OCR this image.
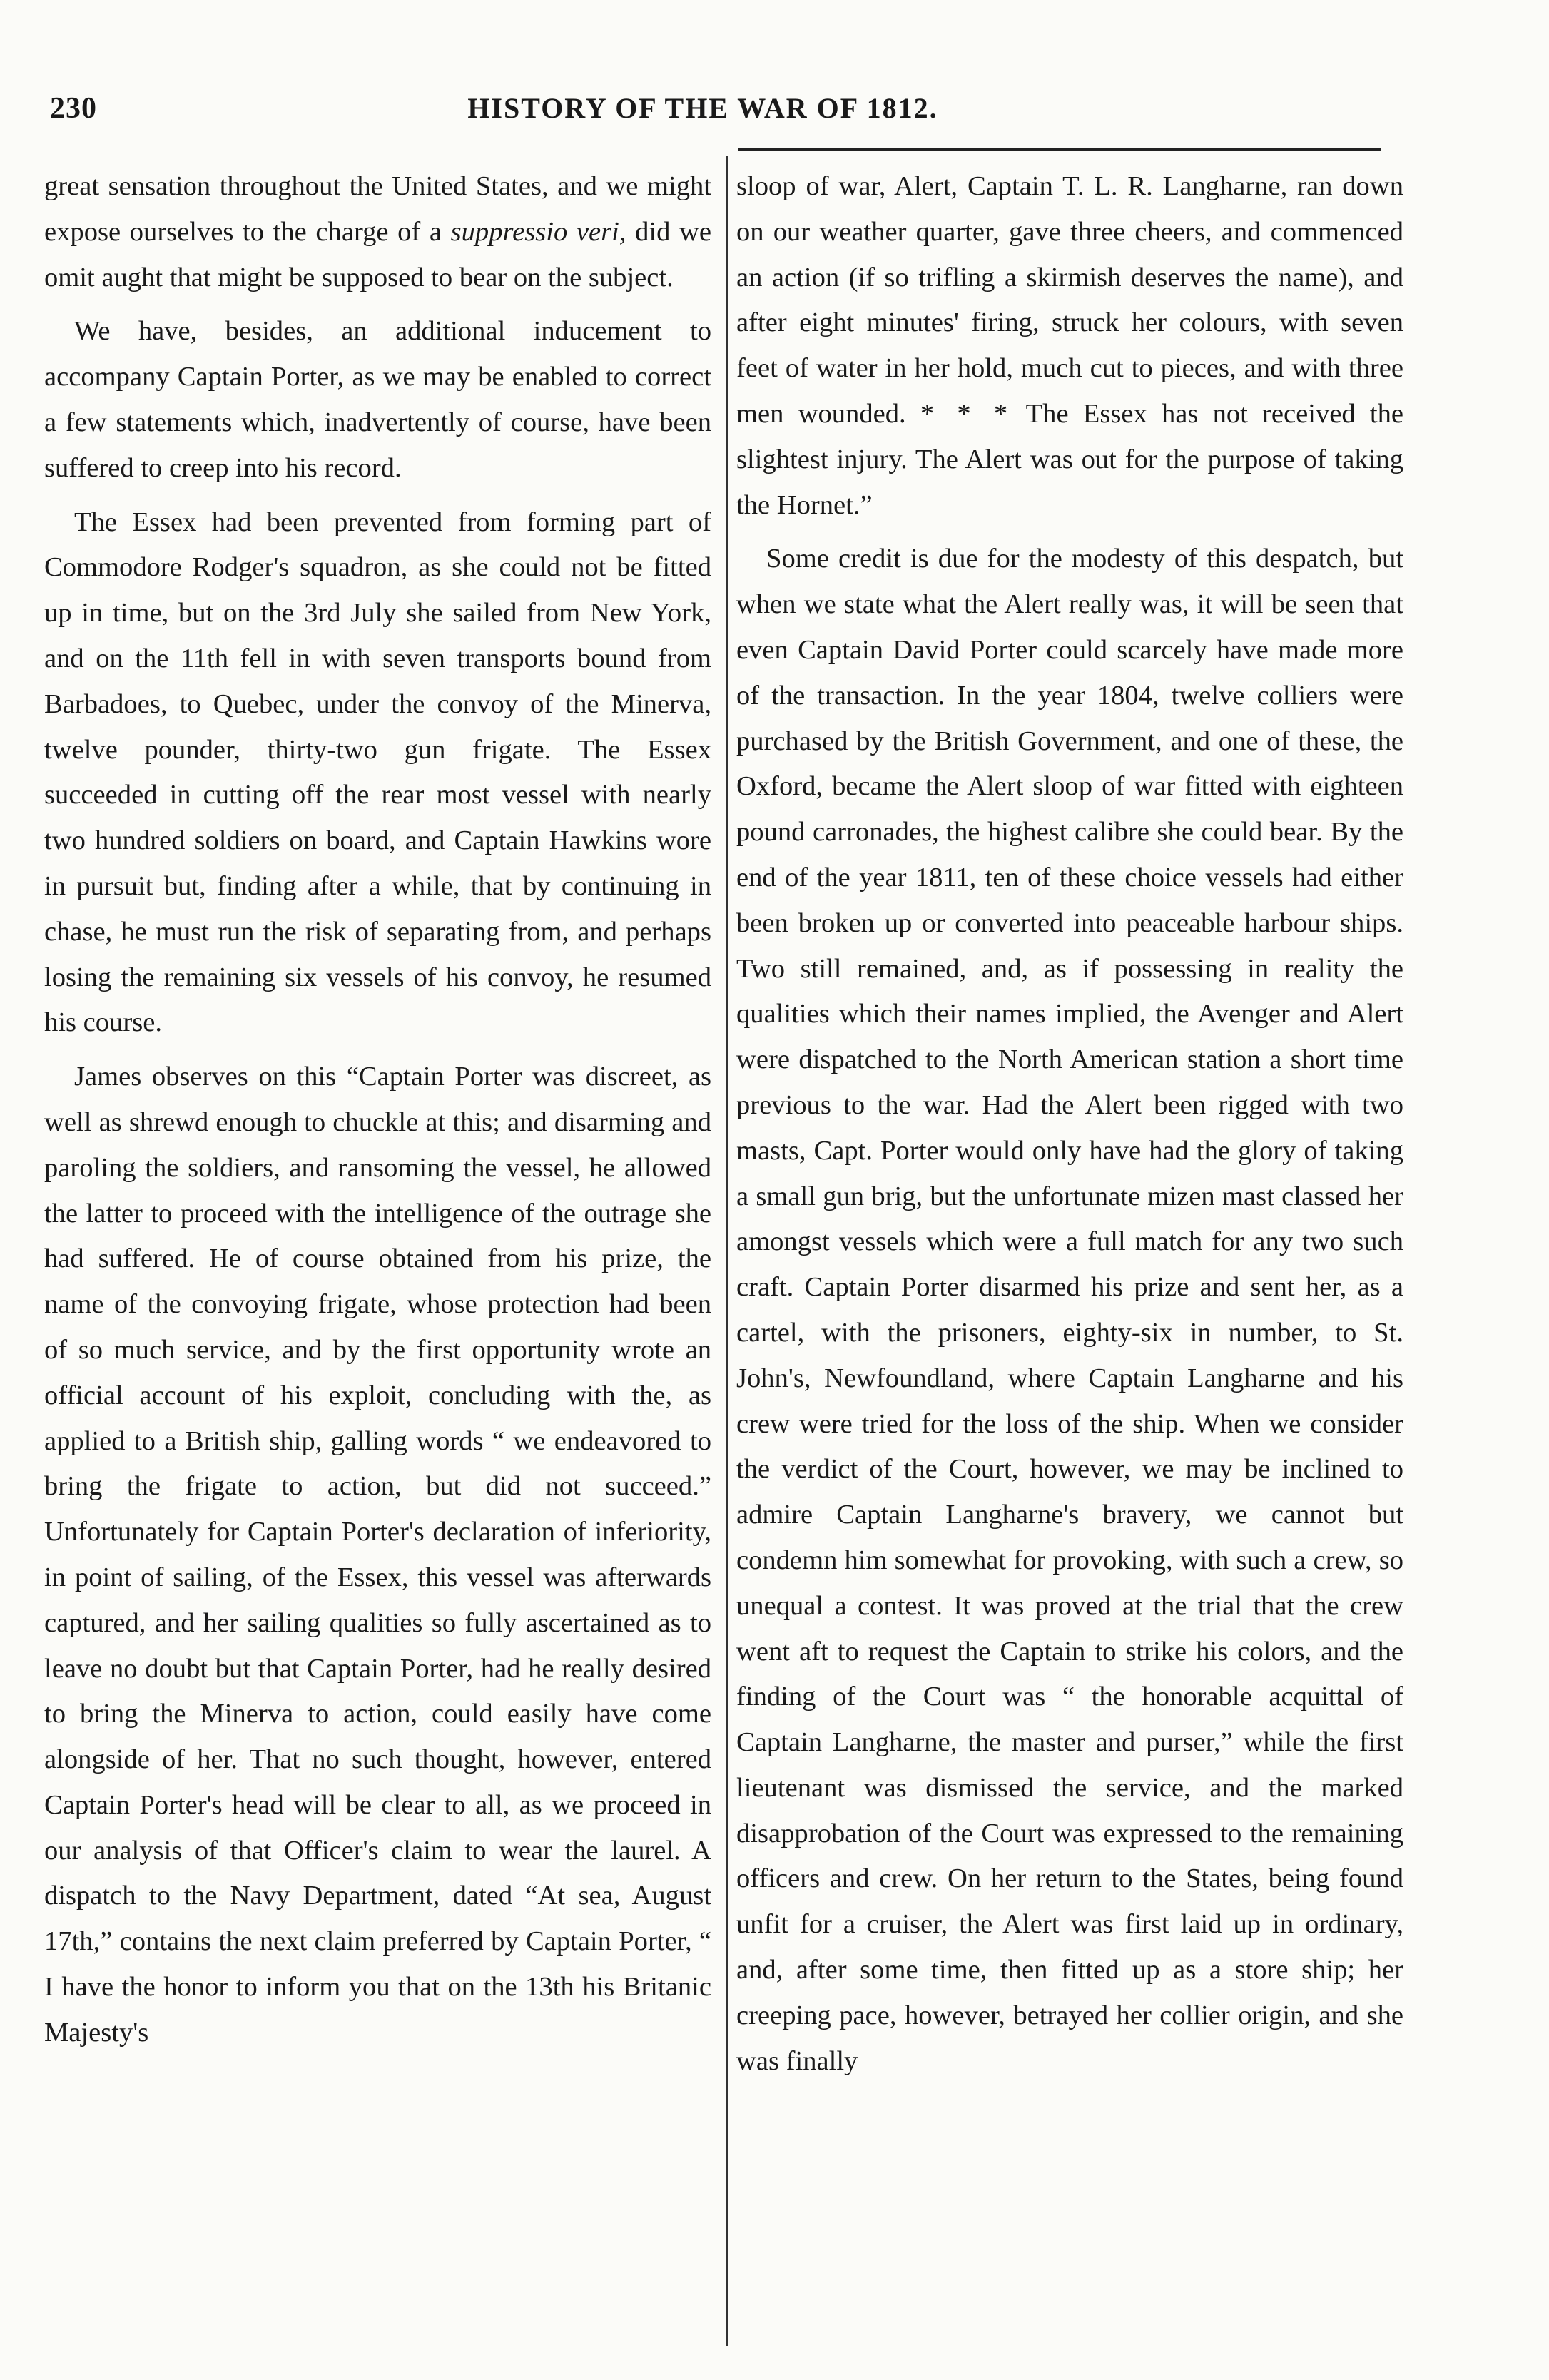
230	HISTORY OF THE WAR OF 1812.

great sensation throughout the United States, and we might expose ourselves to the charge of a suppressio veri, did we omit aught that might be supposed to bear on the subject.

We have, besides, an additional inducement to accompany Captain Porter, as we may be enabled to correct a few statements which, inadvertently of course, have been suffered to creep into his record.

The Essex had been prevented from forming part of Commodore Rodger's squadron, as she could not be fitted up in time, but on the 3rd July she sailed from New York, and on the 11th fell in with seven transports bound from Barbadoes, to Quebec, under the convoy of the Minerva, twelve pounder, thirty-two gun frigate. The Essex succeeded in cutting off the rear most vessel with nearly two hundred soldiers on board, and Captain Hawkins wore in pursuit but, finding after a while, that by continuing in chase, he must run the risk of separating from, and perhaps losing the remaining six vessels of his convoy, he resumed his course.

James observes on this “Captain Porter was discreet, as well as shrewd enough to chuckle at this; and disarming and paroling the soldiers, and ransoming the vessel, he allowed the latter to proceed with the intelligence of the outrage she had suffered. He of course obtained from his prize, the name of the convoying frigate, whose protection had been of so much service, and by the first opportunity wrote an official account of his exploit, concluding with the, as applied to a British ship, galling words “ we endeavored to bring the frigate to action, but did not succeed.” Unfortunately for Captain Porter's declaration of inferiority, in point of sailing, of the Essex, this vessel was afterwards captured, and her sailing qualities so fully ascertained as to leave no doubt but that Captain Porter, had he really desired to bring the Minerva to action, could easily have come alongside of her. That no such thought, however, entered Captain Porter's head will be clear to all, as we proceed in our analysis of that Officer's claim to wear the laurel. A dispatch to the Navy Department, dated “At sea, August 17th,” contains the next claim preferred by Captain Porter, “ I have the honor to inform you that on the 13th his Britanic Majesty's

sloop of war, Alert, Captain T. L. R. Langharne, ran down on our weather quarter, gave three cheers, and commenced an action (if so trifling a skirmish deserves the name), and after eight minutes' firing, struck her colours, with seven feet of water in her hold, much cut to pieces, and with three men wounded. * * * The Essex has not received the slightest injury. The Alert was out for the purpose of taking the Hornet.”

Some credit is due for the modesty of this despatch, but when we state what the Alert really was, it will be seen that even Captain David Porter could scarcely have made more of the transaction. In the year 1804, twelve colliers were purchased by the British Government, and one of these, the Oxford, became the Alert sloop of war fitted with eighteen pound carronades, the highest calibre she could bear. By the end of the year 1811, ten of these choice vessels had either been broken up or converted into peaceable harbour ships. Two still remained, and, as if possessing in reality the qualities which their names implied, the Avenger and Alert were dispatched to the North American station a short time previous to the war. Had the Alert been rigged with two masts, Capt. Porter would only have had the glory of taking a small gun brig, but the unfortunate mizen mast classed her amongst vessels which were a full match for any two such craft. Captain Porter disarmed his prize and sent her, as a cartel, with the prisoners, eighty-six in number, to St. John's, Newfoundland, where Captain Langharne and his crew were tried for the loss of the ship. When we consider the verdict of the Court, however, we may be inclined to admire Captain Langharne's bravery, we cannot but condemn him somewhat for provoking, with such a crew, so unequal a contest. It was proved at the trial that the crew went aft to request the Captain to strike his colors, and the finding of the Court was “ the honorable acquittal of Captain Langharne, the master and purser,” while the first lieutenant was dismissed the service, and the marked disapprobation of the Court was expressed to the remaining officers and crew. On her return to the States, being found unfit for a cruiser, the Alert was first laid up in ordinary, and, after some time, then fitted up as a store ship; her creeping pace, however, betrayed her collier origin, and she was finally
